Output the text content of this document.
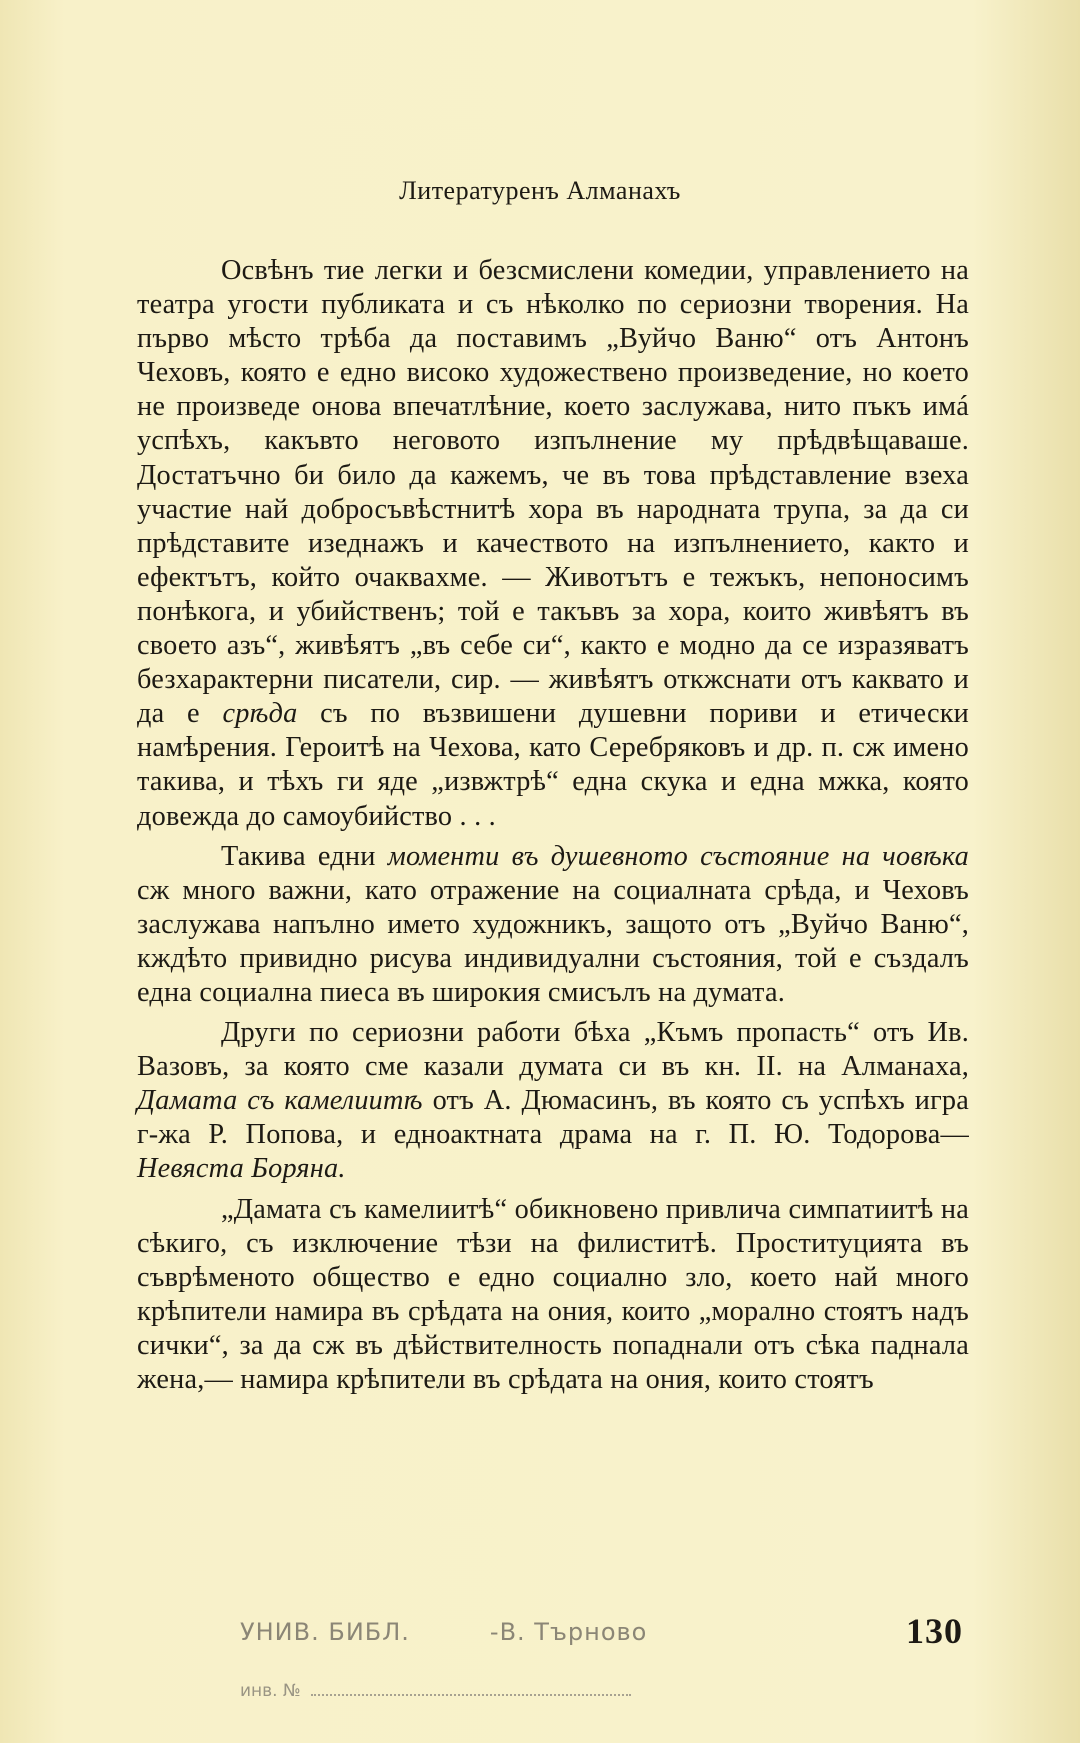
Литературенъ Алманахъ

Освѣнъ тие легки и безсмислени комедии, управлението на театра угости публиката и съ нѣколко по сериозни творения. На първо мѣсто трѣба да поставимъ „Вуйчо Ваню“ отъ Антонъ Чеховъ, която е едно високо художествено произведение, но което не произведе онова впечатлѣние, което заслужава, нито пъкъ имá успѣхъ, какъвто неговото изпълнение му прѣдвѣщаваше. Достатъчно би било да кажемъ, че въ това прѣдставление взеха участие най добросъвѣстнитѣ хора въ народната трупа, за да си прѣдставите изеднажъ и качеството на изпълнението, както и ефектътъ, който очаквахме. — Животътъ е тежъкъ, непоносимъ понѣкога, и убийственъ; той е такъвъ за хора, които живѣятъ въ своето азъ“, живѣятъ „въ себе си“, както е модно да се изразяватъ безхарактерни писатели, сир. — живѣятъ откжснати отъ каквато и да е срѣда съ по възвишени душевни пориви и етически намѣрения. Героитѣ на Чехова, като Серебряковъ и др. п. сж имено такива, и тѣхъ ги яде „извжтрѣ“ една скука и една мжка, която довежда до самоубийство . . .

Такива едни моменти въ душевното състояние на човѣка сж много важни, като отражение на социалната срѣда, и Чеховъ заслужава напълно името художникъ, защото отъ „Вуйчо Ваню“, кждѣто привидно рисува индивидуални състояния, той е създалъ една социална пиеса въ широкия смисълъ на думата.

Други по сериозни работи бѣха „Къмъ пропасть“ отъ Ив. Вазовъ, за която сме казали думата си въ кн. II. на Алманаха, Дамата съ камелиитѣ отъ А. Дюмасинъ, въ която съ успѣхъ игра г-жа Р. Попова, и едноактната драма на г. П. Ю. Тодорова—Невяста Боряна.

„Дамата съ камелиитѣ“ обикновено привлича симпатиитѣ на сѣкиго, съ изключение тѣзи на филиститѣ. Проституцията въ съврѣменото общество е едно социално зло, което най много крѣпители намира въ срѣдата на ония, които „морално стоятъ надъ сички“, за да сж въ дѣйствителность попаднали отъ сѣка паднала жена,— намира крѣпители въ срѣдата на ония, които стоятъ

УНИВ. БИБЛ.	-В. Търново
инв. №
130
